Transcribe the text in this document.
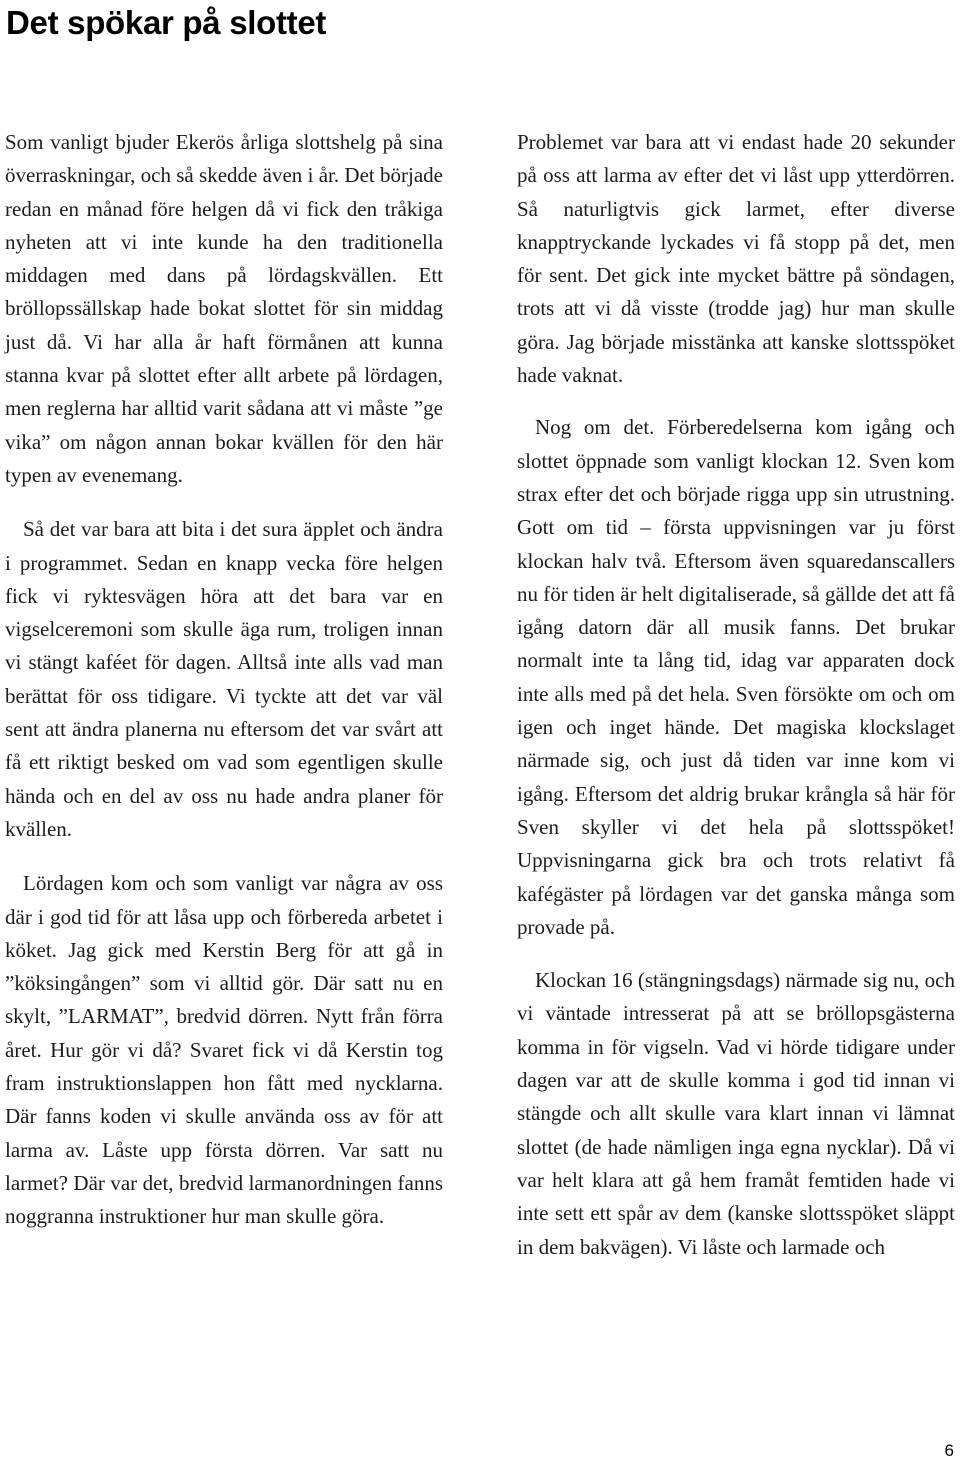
Det spökar på slottet

Som vanligt bjuder Ekerös årliga slottshelg på sina överraskningar, och så skedde även i år. Det började redan en månad före helgen då vi fick den tråkiga nyheten att vi inte kunde ha den traditionella middagen med dans på lördagskvällen. Ett bröllopssällskap hade bokat slottet för sin middag just då. Vi har alla år haft förmånen att kunna stanna kvar på slottet efter allt arbete på lördagen, men reglerna har alltid varit sådana att vi måste ”ge vika” om någon annan bokar kvällen för den här typen av evenemang.

Så det var bara att bita i det sura äpplet och ändra i programmet. Sedan en knapp vecka före helgen fick vi ryktesvägen höra att det bara var en vigselceremoni som skulle äga rum, troligen innan vi stängt kaféet för dagen. Alltså inte alls vad man berättat för oss tidigare. Vi tyckte att det var väl sent att ändra planerna nu eftersom det var svårt att få ett riktigt besked om vad som egentligen skulle hända och en del av oss nu hade andra planer för kvällen.

Lördagen kom och som vanligt var några av oss där i god tid för att låsa upp och förbereda arbetet i köket. Jag gick med Kerstin Berg för att gå in ”köksingången” som vi alltid gör. Där satt nu en skylt, ”LARMAT”, bredvid dörren. Nytt från förra året. Hur gör vi då? Svaret fick vi då Kerstin tog fram instruktionslappen hon fått med nycklarna. Där fanns koden vi skulle använda oss av för att larma av. Låste upp första dörren. Var satt nu larmet? Där var det, bredvid larmanordningen fanns noggranna instruktioner hur man skulle göra.

Problemet var bara att vi endast hade 20 sekunder på oss att larma av efter det vi låst upp ytterdörren. Så naturligtvis gick larmet, efter diverse knapptryckande lyckades vi få stopp på det, men för sent. Det gick inte mycket bättre på söndagen, trots att vi då visste (trodde jag) hur man skulle göra. Jag började misstänka att kanske slottsspöket hade vaknat.

Nog om det. Förberedelserna kom igång och slottet öppnade som vanligt klockan 12. Sven kom strax efter det och började rigga upp sin utrustning. Gott om tid – första uppvisningen var ju först klockan halv två. Eftersom även squaredanscallers nu för tiden är helt digitaliserade, så gällde det att få igång datorn där all musik fanns. Det brukar normalt inte ta lång tid, idag var apparaten dock inte alls med på det hela. Sven försökte om och om igen och inget hände. Det magiska klockslaget närmade sig, och just då tiden var inne kom vi igång. Eftersom det aldrig brukar krångla så här för Sven skyller vi det hela på slottsspöket! Uppvisningarna gick bra och trots relativt få kafégäster på lördagen var det ganska många som provade på.

Klockan 16 (stängningsdags) närmade sig nu, och vi väntade intresserat på att se bröllopsgästerna komma in för vigseln. Vad vi hörde tidigare under dagen var att de skulle komma i god tid innan vi stängde och allt skulle vara klart innan vi lämnat slottet (de hade nämligen inga egna nycklar). Då vi var helt klara att gå hem framåt femtiden hade vi inte sett ett spår av dem (kanske slottsspöket släppt in dem bakvägen). Vi låste och larmade och

6
